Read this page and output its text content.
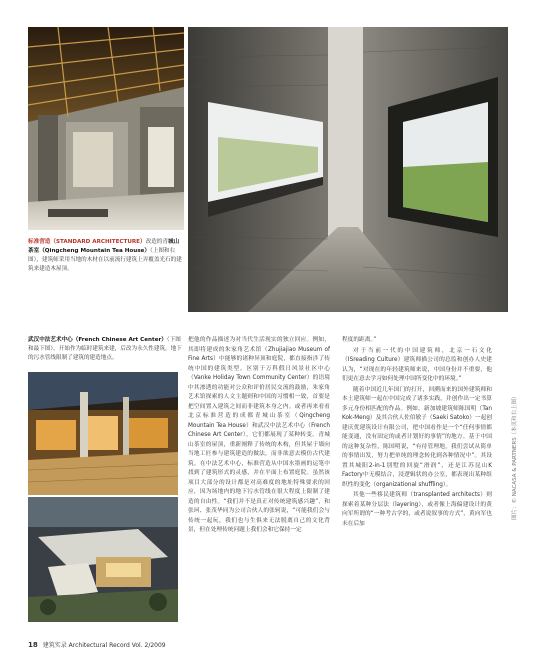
标准营造（STANDARD ARCHITECTURE）改造的青城山茶室（Qingcheng Mountain Tea House）（上图和右图），建筑师采用当地的木材在以前流行建筑上弄覆盖光石的建筑来建造木屋顶。
武汉中法艺术中心（French Chinese Art Center）（下图和最下图），开始作为临时建筑来建，后改为永久性建筑，地下的污水管线限制了建筑的建造地点。

把他的作品描述为对当代生活现实的独立回应。例如，其即将建成的朱家角艺术馆（Zhujiajiao Museum of Fine Arts）中能够的诸种异顶和庭院，都直接指涉了传统中国的建筑类型。区别于万科假日风景社区中心（Vanke Holiday Town Community Center）的语境中其渗透的功能对公众和评价居民交流的鼓励，朱家角艺术馆探索的人文主题则和中国的习惯相一致，首要是把空间置入建筑之间而非建筑本身之内。或者再来看看北京标准营造的成都青城山茶室（Qingcheng Mountain Tea House）和武汉中法艺术中心（French Chinese Art Center），它们都展现了某种转变。青城山茶室的屋顶，重新阐释了传统的木构，但其屋于墙向当地工匠参与建筑建造的做法，而非欲意去模仿古代建筑。在中法艺术中心，标准营造从中国水墨画的运笔中找到了建筑形式的灵感，并在平面上布置庭院。虽然该项目大部分的设计都是对高难度的地址特殊要求的回应，因为场地内的地下污水管线在很大程度上限制了建造的自由性。“我们并不是真正对传统建筑感兴趣”，和张珂、张茂华同为公司合伙人的张轲说，“可能我们会与传统一起玩，我们也与生俱来无法脱离自己的文化背景，但在处理传统问题上我们会和它保持一定

程度的距离。”

对于当前一代的中国建筑师，北京一石文化（ISreading Culture）建筑师描公司的总监和创办人史建认为，“对现在的年轻建筑师来说，中国身份并不重要，他们更在意去学习如何处理中国所变化中的环境。”

随着中国近几年国门的打开，回溯而来的国外建筑师和本土建筑师一起在中国完成了诸多实践，并创作出一定书算多元身份相匹配的作品。例如，新加坡建筑师陈国明（Tan Kok-Meng）及其合伙人佐伯敏子（Saeki Satoko）一起创建庆优建筑设计有限公司，把中国看作是一个“任何事情都能变通，没有固定的或者计划好的事情”的地方。基于中国的这种复杂性，陈国明说，“有待管理地，我们尝试从简单的事情出发，努力把单纯的理念转化到各种情况中”。其设置其城阳2-in-1别墅的回旋“滑润”，还是江苏昆山K Factory中无模结合，浸逻辑状的办公室，都表现出某种组织性的变化（organizational shuffling）。

其他一些移民建筑师（transplanted architects）则探索着某种分层法（layering），或者像上海偏建设计的黄向军所谓的“一种考古学的，或者说叙事的方式”，黄向军也未在后加

图片：© NACASA & PARTNERS（本页和右上图）
18 建筑实录 Architectural Record Vol. 2/2009
